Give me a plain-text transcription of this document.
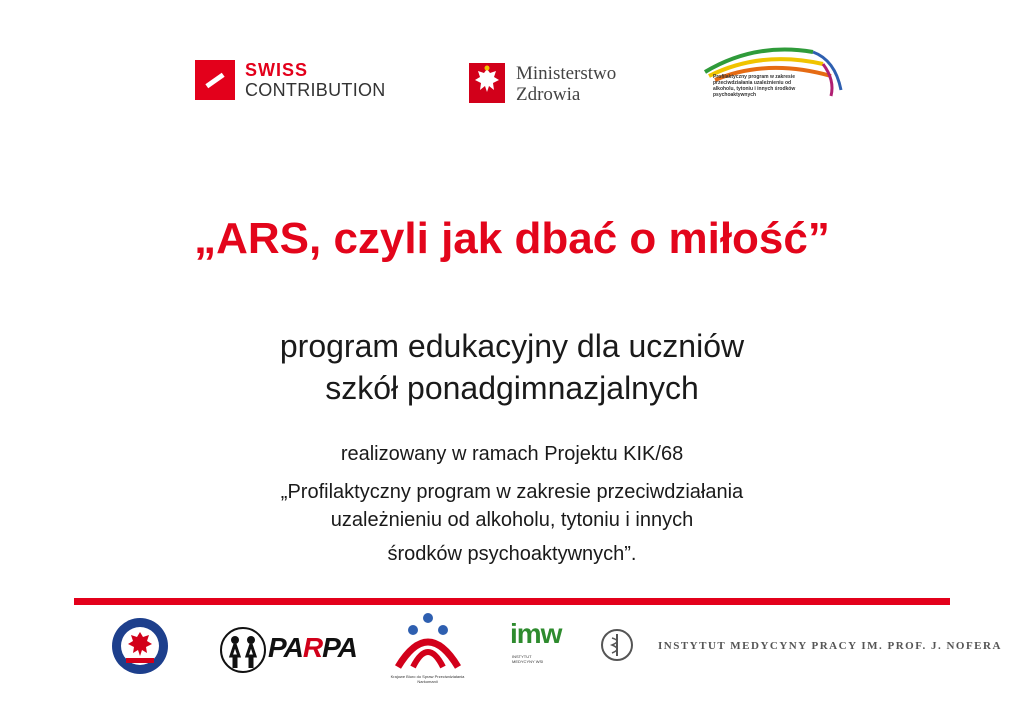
SWISS
CONTRIBUTION
Ministerstwo
Zdrowia
Profilaktyczny program w zakresie przeciwdziałania uzależnieniu od alkoholu, tytoniu i innych środków psychoaktywnych
„ARS, czyli jak dbać o miłość”
program edukacyjny dla uczniów
szkół ponadgimnazjalnych
realizowany w ramach Projektu KIK/68
„Profilaktyczny program w zakresie przeciwdziałania
uzależnieniu od alkoholu, tytoniu i innych
środków psychoaktywnych”.
PARPA
Krajowe Biuro do Spraw Przeciwdziałania Narkomanii
imw
INSTYTUT MEDYCYNY WSI
INSTYTUT MEDYCYNY PRACY IM. PROF. J. NOFERA
